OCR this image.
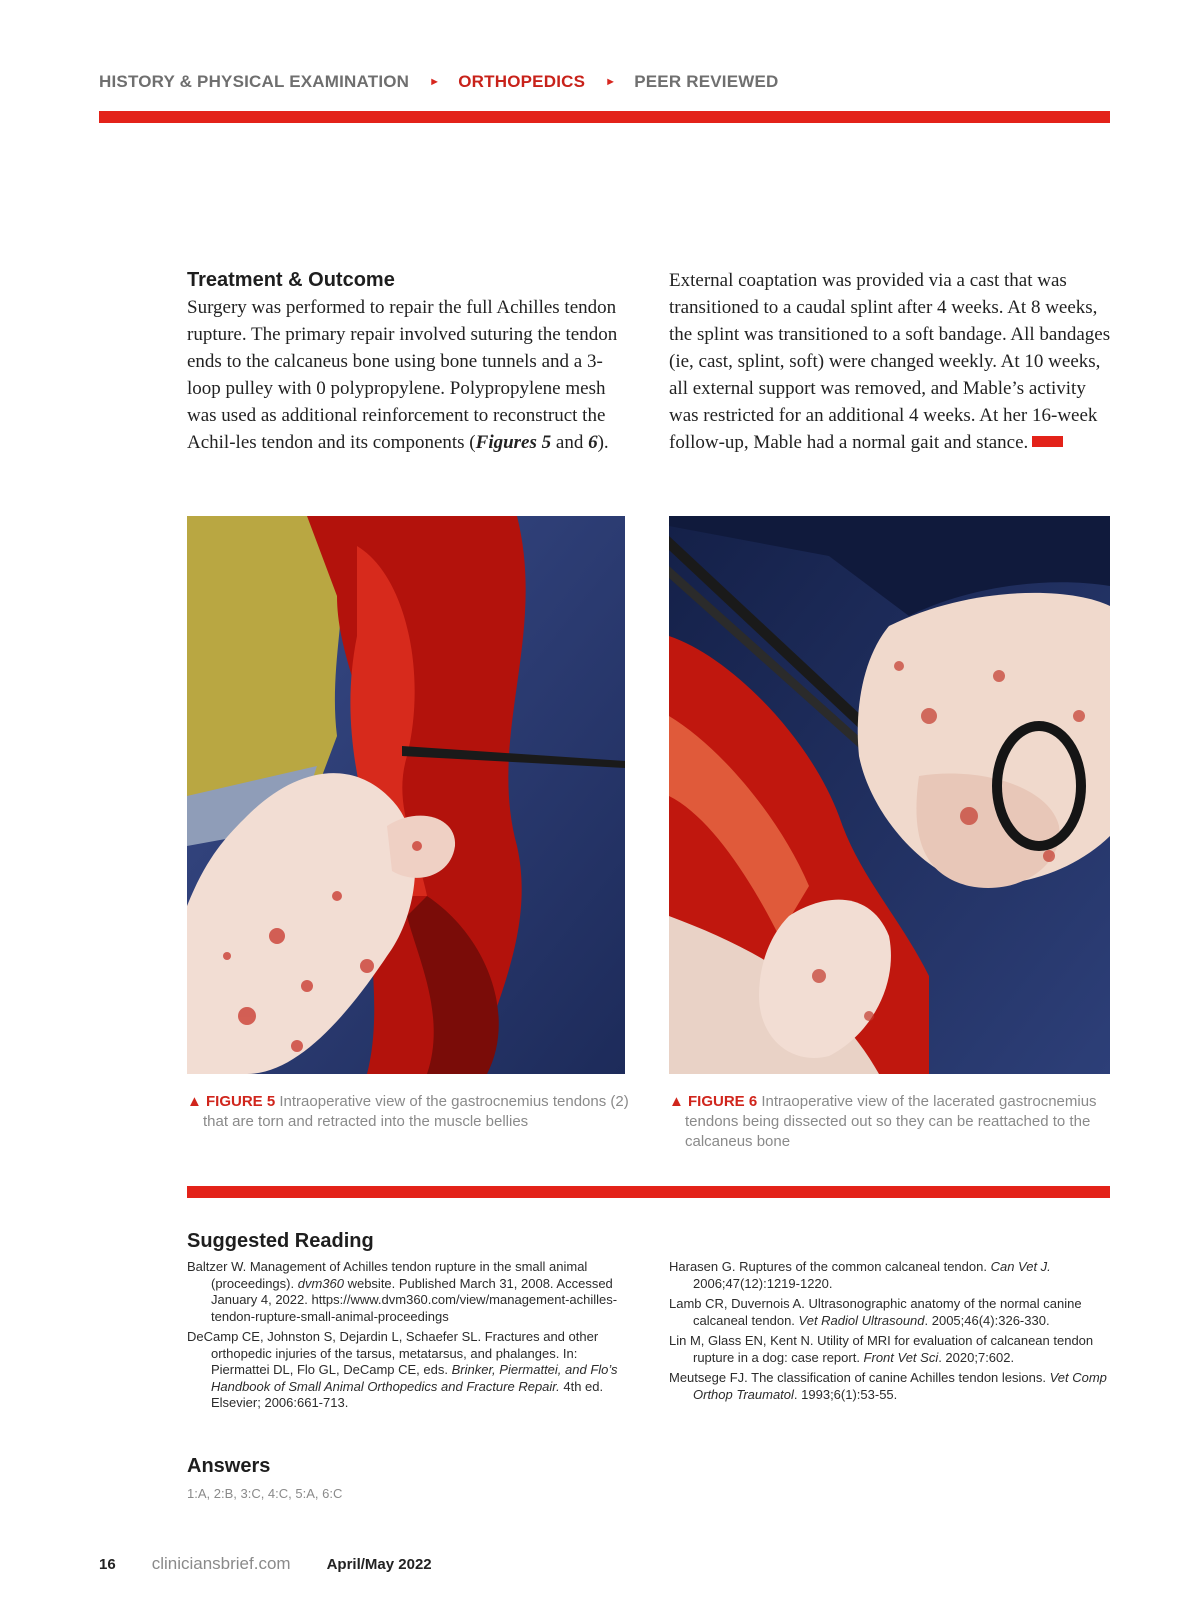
HISTORY & PHYSICAL EXAMINATION ► ORTHOPEDICS ► PEER REVIEWED
Treatment & Outcome

Surgery was performed to repair the full Achilles tendon rupture. The primary repair involved suturing the tendon ends to the calcaneus bone using bone tunnels and a 3-loop pulley with 0 polypropylene. Polypropylene mesh was used as additional reinforcement to reconstruct the Achil-les tendon and its components (Figures 5 and 6).

External coaptation was provided via a cast that was transitioned to a caudal splint after 4 weeks. At 8 weeks, the splint was transitioned to a soft bandage. All bandages (ie, cast, splint, soft) were changed weekly. At 10 weeks, all external support was removed, and Mable’s activity was restricted for an additional 4 weeks. At her 16-week follow-up, Mable had a normal gait and stance.

▲ FIGURE 5 Intraoperative view of the gastrocnemius tendons (2) that are torn and retracted into the muscle bellies
▲ FIGURE 6 Intraoperative view of the lacerated gastrocnemius tendons being dissected out so they can be reattached to the calcaneus bone
Suggested Reading
Baltzer W. Management of Achilles tendon rupture in the small animal (proceedings). dvm360 website. Published March 31, 2008. Accessed January 4, 2022. https://www.dvm360.com/view/management-achilles-tendon-rupture-small-animal-proceedings
DeCamp CE, Johnston S, Dejardin L, Schaefer SL. Fractures and other orthopedic injuries of the tarsus, metatarsus, and phalanges. In: Piermattei DL, Flo GL, DeCamp CE, eds. Brinker, Piermattei, and Flo’s Handbook of Small Animal Orthopedics and Fracture Repair. 4th ed. Elsevier; 2006:661-713.
Harasen G. Ruptures of the common calcaneal tendon. Can Vet J. 2006;47(12):1219-1220.
Lamb CR, Duvernois A. Ultrasonographic anatomy of the normal canine calcaneal tendon. Vet Radiol Ultrasound. 2005;46(4):326-330.
Lin M, Glass EN, Kent N. Utility of MRI for evaluation of calcanean tendon rupture in a dog: case report. Front Vet Sci. 2020;7:602.
Meutsege FJ. The classification of canine Achilles tendon lesions. Vet Comp Orthop Traumatol. 1993;6(1):53-55.
Answers
1:A, 2:B, 3:C, 4:C, 5:A, 6:C
16 cliniciansbrief.com April/May 2022
